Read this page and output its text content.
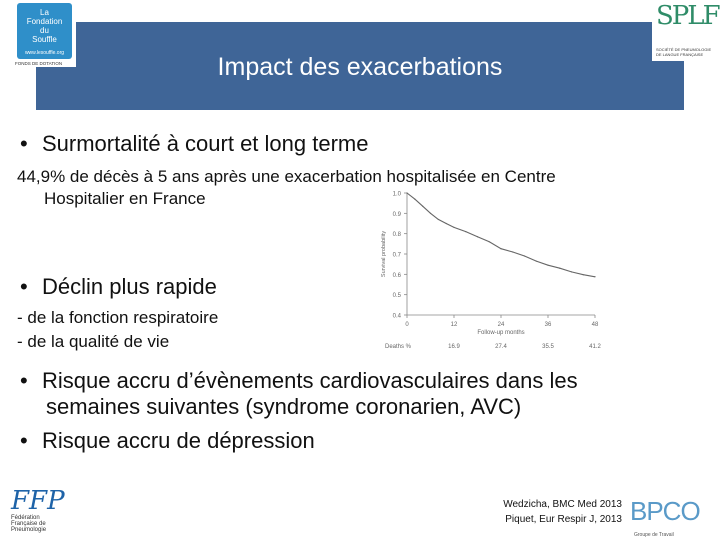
Impact des exacerbations
La
Fondation
du
Souffle
www.lesouffle.org
FONDS DE DOTATION
SPLF
SOCIÉTÉ DE PNEUMOLOGIE DE LANGUE FRANÇAISE
• Surmortalité à court et long terme
44,9% de décès à 5 ans après une exacerbation hospitalisée en Centre
Hospitalier en France
• Déclin plus rapide
- de la fonction respiratoire
- de la qualité de vie
• Risque accru d’évènements cardiovasculaires dans les
semaines suivantes (syndrome coronarien, AVC)
• Risque accru de dépression
1.0
0.9
0.8
0.7
0.6
0.5
0.4
0	12	24	36	48
Survival probability
Follow-up months
Deaths %	16.9	27.4	35.5	41.2
Wedzicha, BMC Med 2013
Piquet, Eur Respir J, 2013
FFP
Fédération
Française de
Pneumologie
BPCO
Groupe de Travail
